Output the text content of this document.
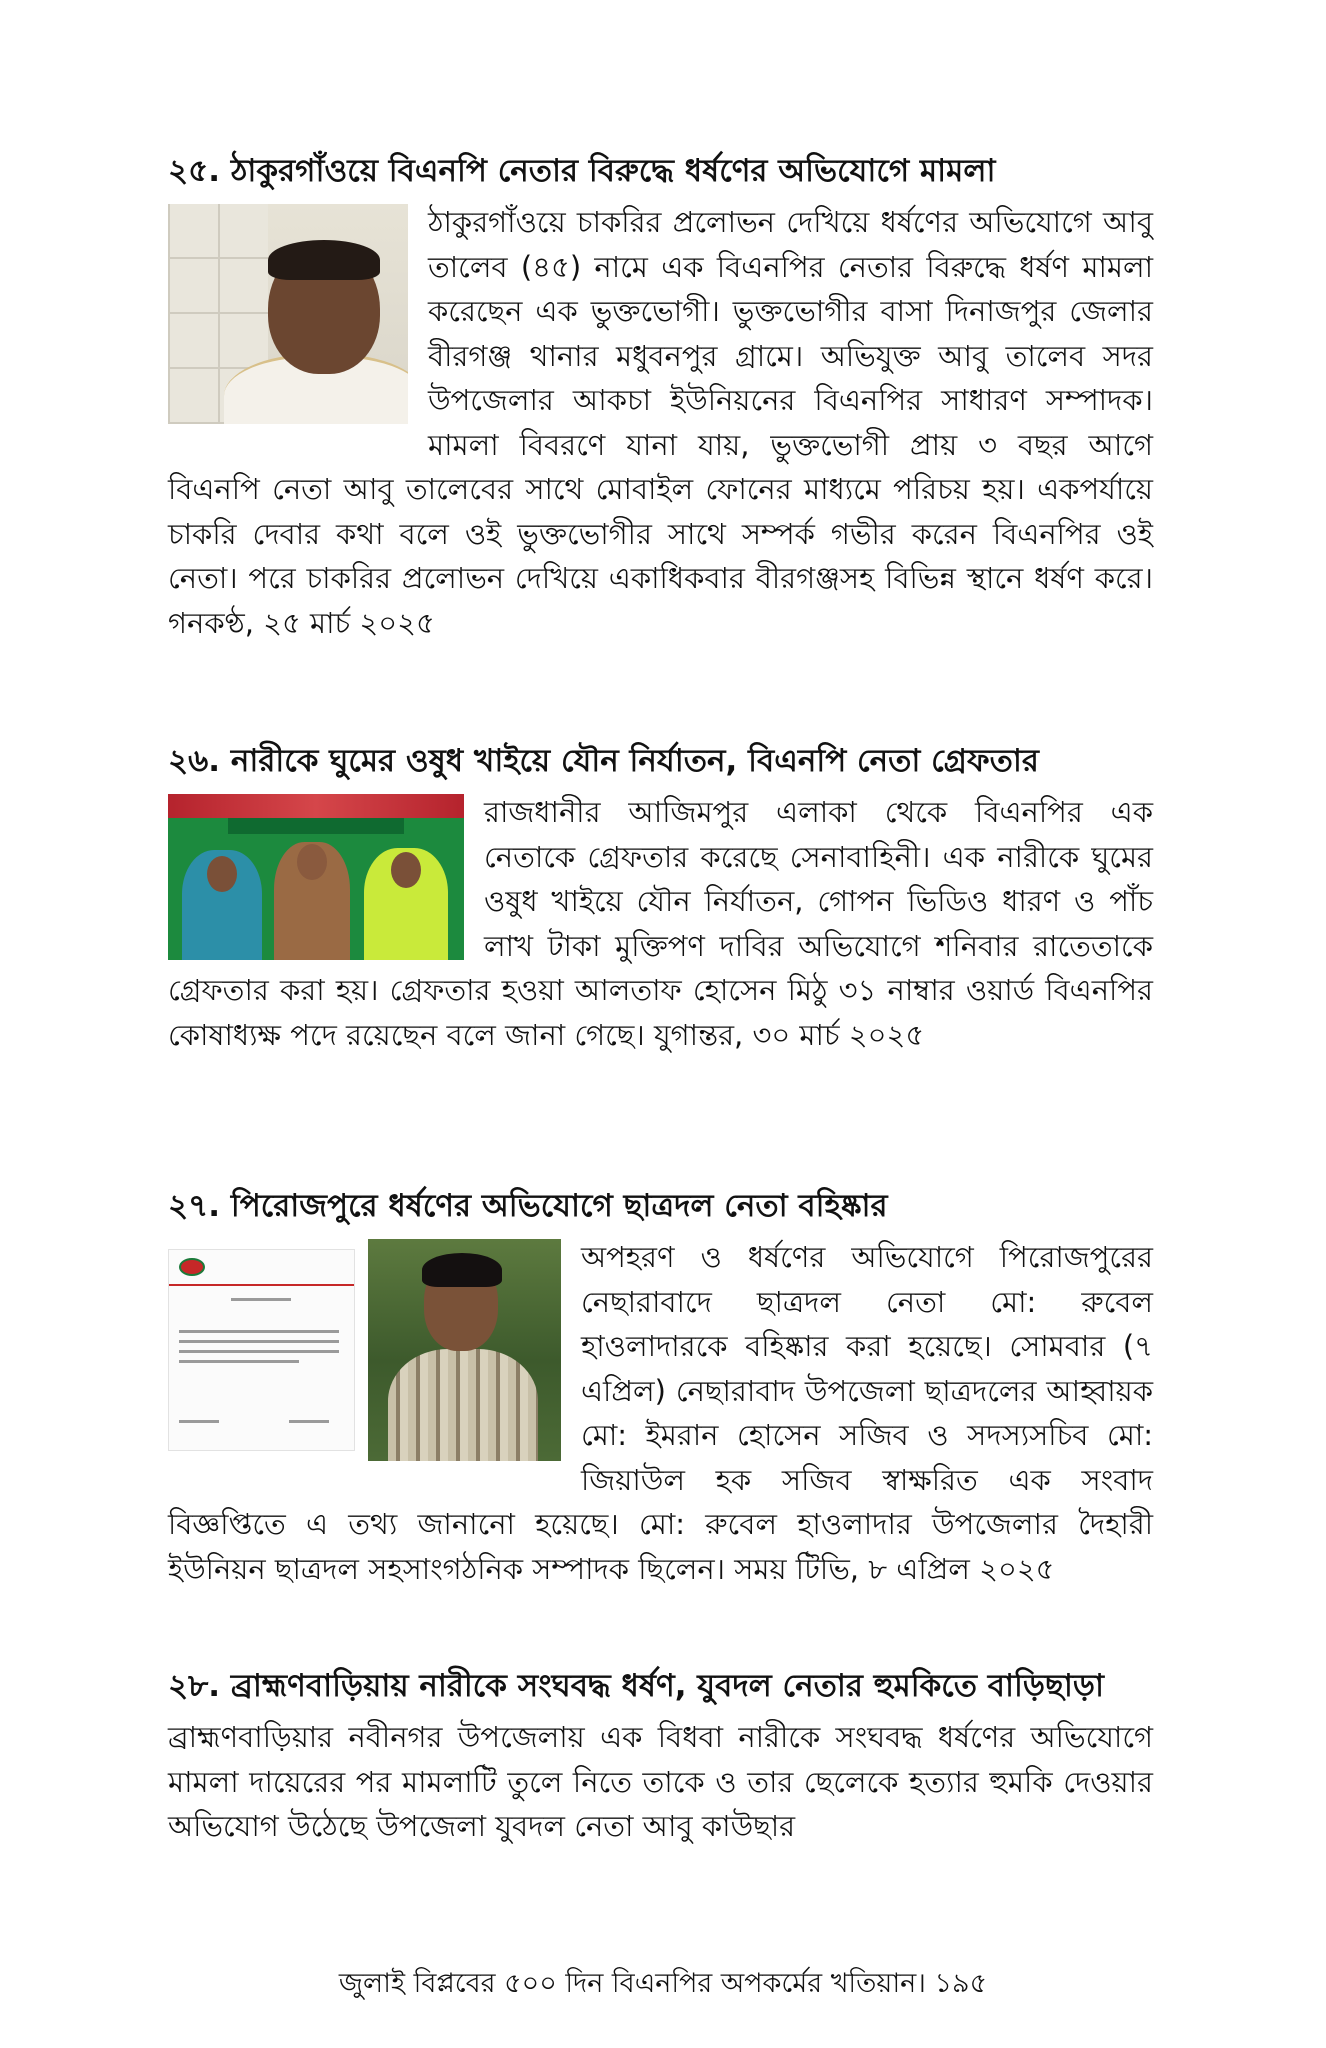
২৫. ঠাকুরগাঁওয়ে বিএনপি নেতার বিরুদ্ধে ধর্ষণের অভিযোগে মামলা

ঠাকুরগাঁওয়ে চাকরির প্রলোভন দেখিয়ে ধর্ষণের অভিযোগে আবু তালেব (৪৫) নামে এক বিএনপির নেতার বিরুদ্ধে ধর্ষণ মামলা করেছেন এক ভুক্তভোগী। ভুক্তভোগীর বাসা দিনাজপুর জেলার বীরগঞ্জ থানার মধুবনপুর গ্রামে। অভিযুক্ত আবু তালেব সদর উপজেলার আকচা ইউনিয়নের বিএনপির সাধারণ সম্পাদক। মামলা বিবরণে যানা যায়, ভুক্তভোগী প্রায় ৩ বছর আগে বিএনপি নেতা আবু তালেবের সাথে মোবাইল ফোনের মাধ্যমে পরিচয় হয়। একপর্যায়ে চাকরি দেবার কথা বলে ওই ভুক্তভোগীর সাথে সম্পর্ক গভীর করেন বিএনপির ওই নেতা। পরে চাকরির প্রলোভন দেখিয়ে একাধিকবার বীরগঞ্জসহ বিভিন্ন স্থানে ধর্ষণ করে। গনকণ্ঠ, ২৫ মার্চ ২০২৫

২৬. নারীকে ঘুমের ওষুধ খাইয়ে যৌন নির্যাতন, বিএনপি নেতা গ্রেফতার

রাজধানীর আজিমপুর এলাকা থেকে বিএনপির এক নেতাকে গ্রেফতার করেছে সেনাবাহিনী। এক নারীকে ঘুমের ওষুধ খাইয়ে যৌন নির্যাতন, গোপন ভিডিও ধারণ ও পাঁচ লাখ টাকা মুক্তিপণ দাবির অভিযোগে শনিবার রাতেতাকে গ্রেফতার করা হয়। গ্রেফতার হওয়া আলতাফ হোসেন মিঠু ৩১ নাম্বার ওয়ার্ড বিএনপির কোষাধ্যক্ষ পদে রয়েছেন বলে জানা গেছে। যুগান্তর, ৩০ মার্চ ২০২৫

২৭. পিরোজপুরে ধর্ষণের অভিযোগে ছাত্রদল নেতা বহিষ্কার

অপহরণ ও ধর্ষণের অভিযোগে পিরোজপুরের নেছারাবাদে ছাত্রদল নেতা মো: রুবেল হাওলাদারকে বহিষ্কার করা হয়েছে। সোমবার (৭ এপ্রিল) নেছারাবাদ উপজেলা ছাত্রদলের আহ্বায়ক মো: ইমরান হোসেন সজিব ও সদস্যসচিব মো: জিয়াউল হক সজিব স্বাক্ষরিত এক সংবাদ বিজ্ঞপ্তিতে এ তথ্য জানানো হয়েছে। মো: রুবেল হাওলাদার উপজেলার দৈহারী ইউনিয়ন ছাত্রদল সহসাংগঠনিক সম্পাদক ছিলেন। সময় টিভি, ৮ এপ্রিল ২০২৫

২৮. ব্রাহ্মণবাড়িয়ায় নারীকে সংঘবদ্ধ ধর্ষণ, যুবদল নেতার হুমকিতে বাড়িছাড়া

ব্রাহ্মণবাড়িয়ার নবীনগর উপজেলায় এক বিধবা নারীকে সংঘবদ্ধ ধর্ষণের অভিযোগে মামলা দায়েরের পর মামলাটি তুলে নিতে তাকে ও তার ছেলেকে হত্যার হুমকি দেওয়ার অভিযোগ উঠেছে উপজেলা যুবদল নেতা আবু কাউছার

জুলাই বিপ্লবের ৫০০ দিন বিএনপির অপকর্মের খতিয়ান। ১৯৫
